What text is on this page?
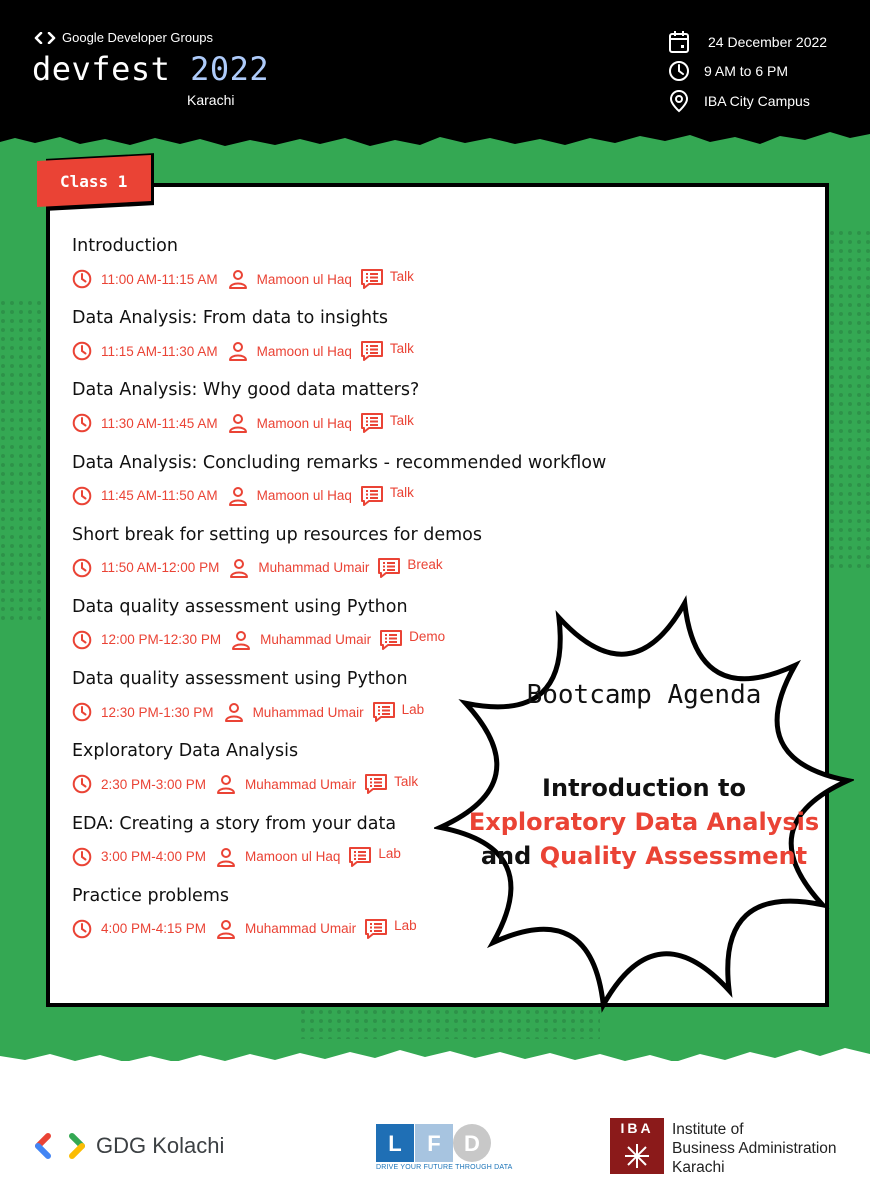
Google Developer Groups
devfest 2022
Karachi
24 December 2022
9 AM to 6 PM
IBA City Campus
Class 1
Introduction
11:00 AM-11:15 AM	Mamoon ul Haq	Talk
Data Analysis: From data to insights
11:15 AM-11:30 AM	Mamoon ul Haq	Talk
Data Analysis: Why good data matters?
11:30 AM-11:45 AM	Mamoon ul Haq	Talk
Data Analysis: Concluding remarks - recommended workflow
11:45 AM-11:50 AM	Mamoon ul Haq	Talk
Short break for setting up resources for demos
11:50 AM-12:00 PM	Muhammad Umair	Break
Data quality assessment using Python
12:00 PM-12:30 PM	Muhammad Umair	Demo
Data quality assessment using Python
12:30 PM-1:30 PM	Muhammad Umair	Lab
Exploratory Data Analysis
2:30 PM-3:00 PM	Muhammad Umair	Talk
EDA: Creating a story from your data
3:00 PM-4:00 PM	Mamoon ul Haq	Lab
Practice problems
4:00 PM-4:15 PM	Muhammad Umair	Lab
Bootcamp Agenda
Introduction to
Exploratory Data Analysis
and Quality Assessment
GDG Kolachi	L F D
DRIVE YOUR FUTURE THROUGH DATA
IBA	Institute of
Business Administration
Karachi
